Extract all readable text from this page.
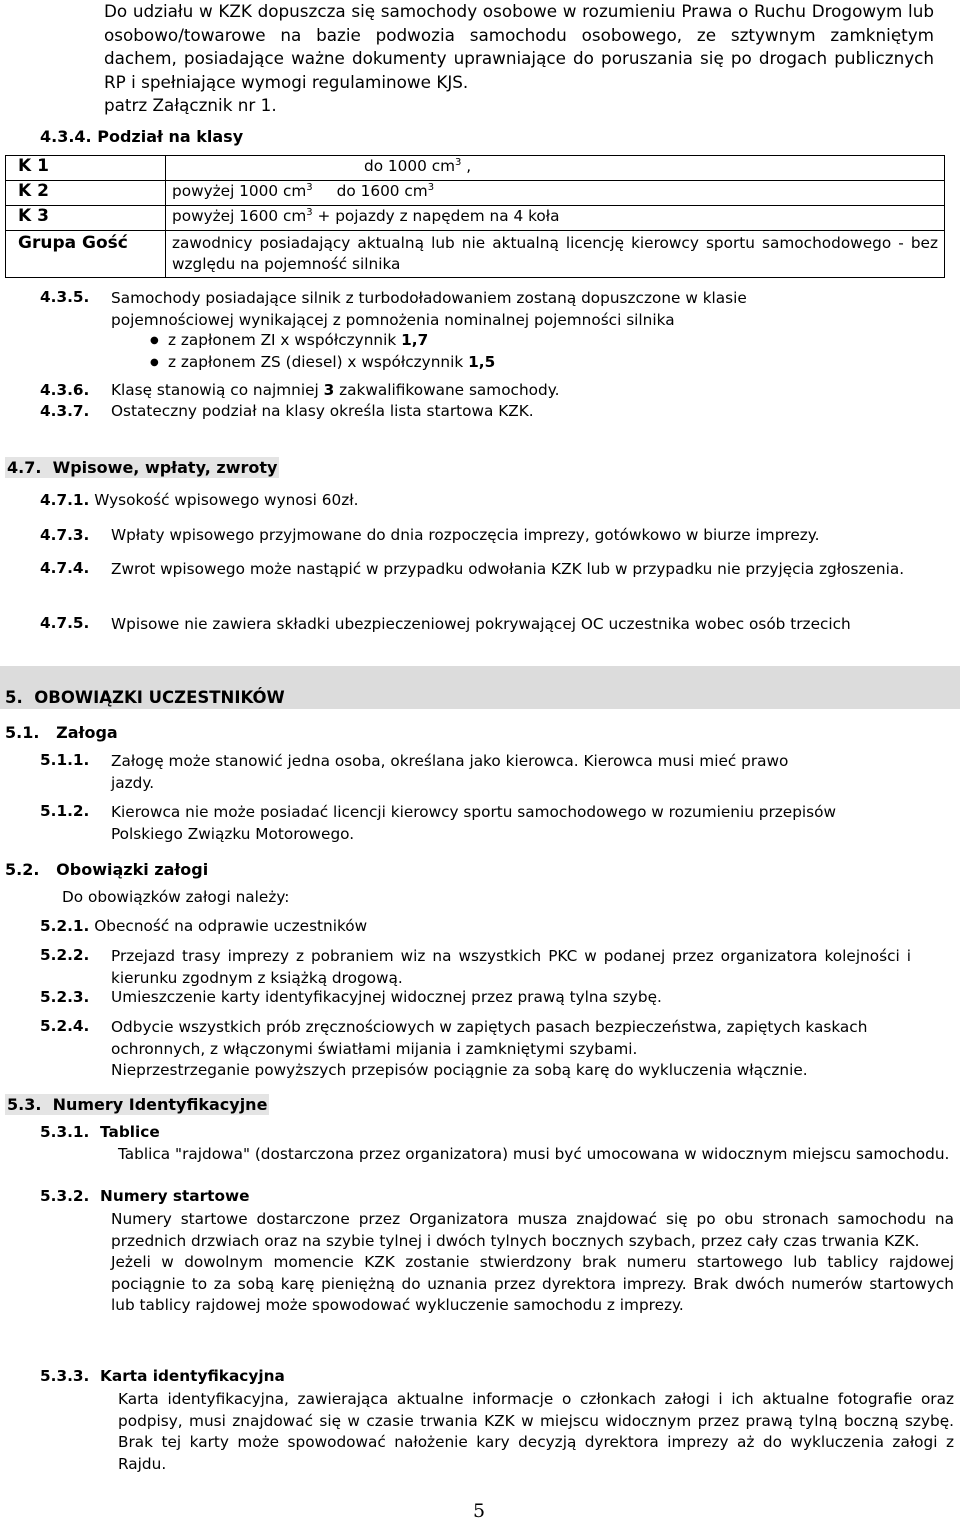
Do udziału w KZK dopuszcza się samochody osobowe w rozumieniu Prawa o Ruchu Drogowym lub osobowo/towarowe na bazie podwozia samochodu osobowego, ze sztywnym zamkniętym dachem, posiadające ważne dokumenty uprawniające do poruszania się po drogach publicznych RP i spełniające wymogi regulaminowe KJS.
patrz Załącznik nr 1.
4.3.4. Podział na klasy
K 1	do 1000 $cm^3$ ,
K 2	powyżej 1000 $cm^3$ do 1600 $cm^3$
K 3	powyżej 1600 $cm^3$ + pojazdy z napędem na 4 koła
Grupa Gość	zawodnicy posiadający aktualną lub nie aktualną licencję kierowcy sportu samochodowego - bez względu na pojemność silnika
4.3.5. Samochody posiadające silnik z turbodoładowaniem zostaną dopuszczone w klasie pojemnościowej wynikającej z pomnożenia nominalnej pojemności silnika
● z zapłonem ZI x współczynnik 1,7
● z zapłonem ZS (diesel) x współczynnik 1,5
4.3.6. Klasę stanowią co najmniej 3 zakwalifikowane samochody.
4.3.7. Ostateczny podział na klasy określa lista startowa KZK.
4.7. Wpisowe, wpłaty, zwroty
4.7.1. Wysokość wpisowego wynosi 60zł.
4.7.3. Wpłaty wpisowego przyjmowane do dnia rozpoczęcia imprezy, gotówkowo w biurze imprezy.
4.7.4. Zwrot wpisowego może nastąpić w przypadku odwołania KZK lub w przypadku nie przyjęcia zgłoszenia.
4.7.5. Wpisowe nie zawiera składki ubezpieczeniowej pokrywającej OC uczestnika wobec osób trzecich
5. OBOWIĄZKI UCZESTNIKÓW
5.1. Załoga
5.1.1. Załogę może stanowić jedna osoba, określana jako kierowca. Kierowca musi mieć prawo jazdy.
5.1.2. Kierowca nie może posiadać licencji kierowcy sportu samochodowego w rozumieniu przepisów Polskiego Związku Motorowego.
5.2. Obowiązki załogi
Do obowiązków załogi należy:
5.2.1. Obecność na odprawie uczestników
5.2.2. Przejazd trasy imprezy z pobraniem wiz na wszystkich PKC w podanej przez organizatora kolejności i kierunku zgodnym z książką drogową.
5.2.3. Umieszczenie karty identyfikacyjnej widocznej przez prawą tylna szybę.
5.2.4. Odbycie wszystkich prób zręcznościowych w zapiętych pasach bezpieczeństwa, zapiętych kaskach ochronnych, z włączonymi światłami mijania i zamkniętymi szybami.
Nieprzestrzeganie powyższych przepisów pociągnie za sobą karę do wykluczenia włącznie.
5.3. Numery Identyfikacyjne
5.3.1. Tablice
Tablica "rajdowa" (dostarczona przez organizatora) musi być umocowana w widocznym miejscu samochodu.
5.3.2. Numery startowe
Numery startowe dostarczone przez Organizatora musza znajdować się po obu stronach samochodu na przednich drzwiach oraz na szybie tylnej i dwóch tylnych bocznych szybach, przez cały czas trwania KZK.
Jeżeli w dowolnym momencie KZK zostanie stwierdzony brak numeru startowego lub tablicy rajdowej pociągnie to za sobą karę pieniężną do uznania przez dyrektora imprezy. Brak dwóch numerów startowych lub tablicy rajdowej może spowodować wykluczenie samochodu z imprezy.
5.3.3. Karta identyfikacyjna
Karta identyfikacyjna, zawierająca aktualne informacje o członkach załogi i ich aktualne fotografie oraz podpisy, musi znajdować się w czasie trwania KZK w miejscu widocznym przez prawą tylną boczną szybę. Brak tej karty może spowodować nałożenie kary decyzją dyrektora imprezy aż do wykluczenia załogi z Rajdu.
5
